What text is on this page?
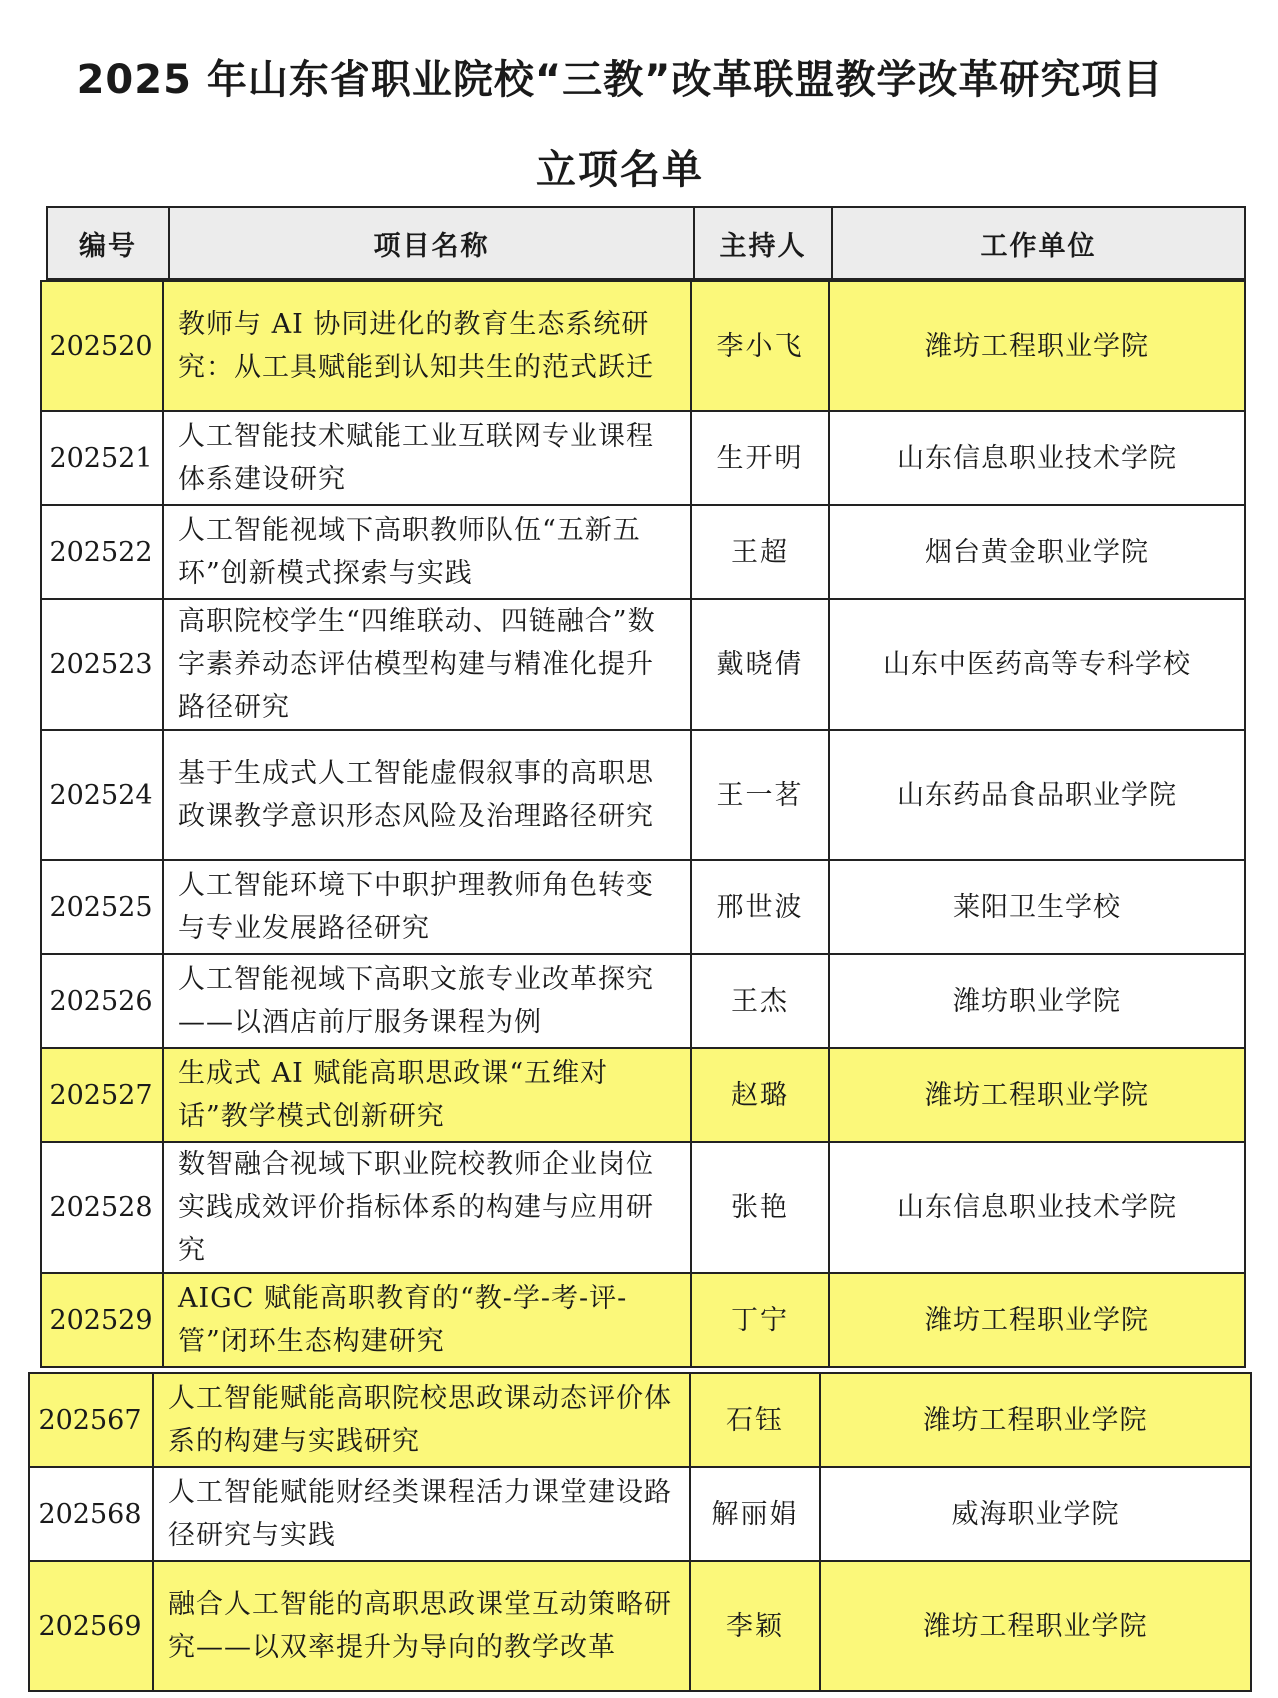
2025 年山东省职业院校“三教”改革联盟教学改革研究项目
立项名单
编号	项目名称	主持人	工作单位
202520	教师与 AI 协同进化的教育生态系统研究：从工具赋能到认知共生的范式跃迁	李小飞	潍坊工程职业学院
202521	人工智能技术赋能工业互联网专业课程体系建设研究	生开明	山东信息职业技术学院
202522	人工智能视域下高职教师队伍“五新五环”创新模式探索与实践	王超	烟台黄金职业学院
202523	高职院校学生“四维联动、四链融合”数字素养动态评估模型构建与精准化提升路径研究	戴晓倩	山东中医药高等专科学校
202524	基于生成式人工智能虚假叙事的高职思政课教学意识形态风险及治理路径研究	王一茗	山东药品食品职业学院
202525	人工智能环境下中职护理教师角色转变与专业发展路径研究	邢世波	莱阳卫生学校
202526	人工智能视域下高职文旅专业改革探究——以酒店前厅服务课程为例	王杰	潍坊职业学院
202527	生成式 AI 赋能高职思政课“五维对话”教学模式创新研究	赵璐	潍坊工程职业学院
202528	数智融合视域下职业院校教师企业岗位实践成效评价指标体系的构建与应用研究	张艳	山东信息职业技术学院
202529	AIGC 赋能高职教育的“教-学-考-评-管”闭环生态构建研究	丁宁	潍坊工程职业学院
202567	人工智能赋能高职院校思政课动态评价体系的构建与实践研究	石钰	潍坊工程职业学院
202568	人工智能赋能财经类课程活力课堂建设路径研究与实践	解丽娟	威海职业学院
202569	融合人工智能的高职思政课堂互动策略研究——以双率提升为导向的教学改革	李颖	潍坊工程职业学院
